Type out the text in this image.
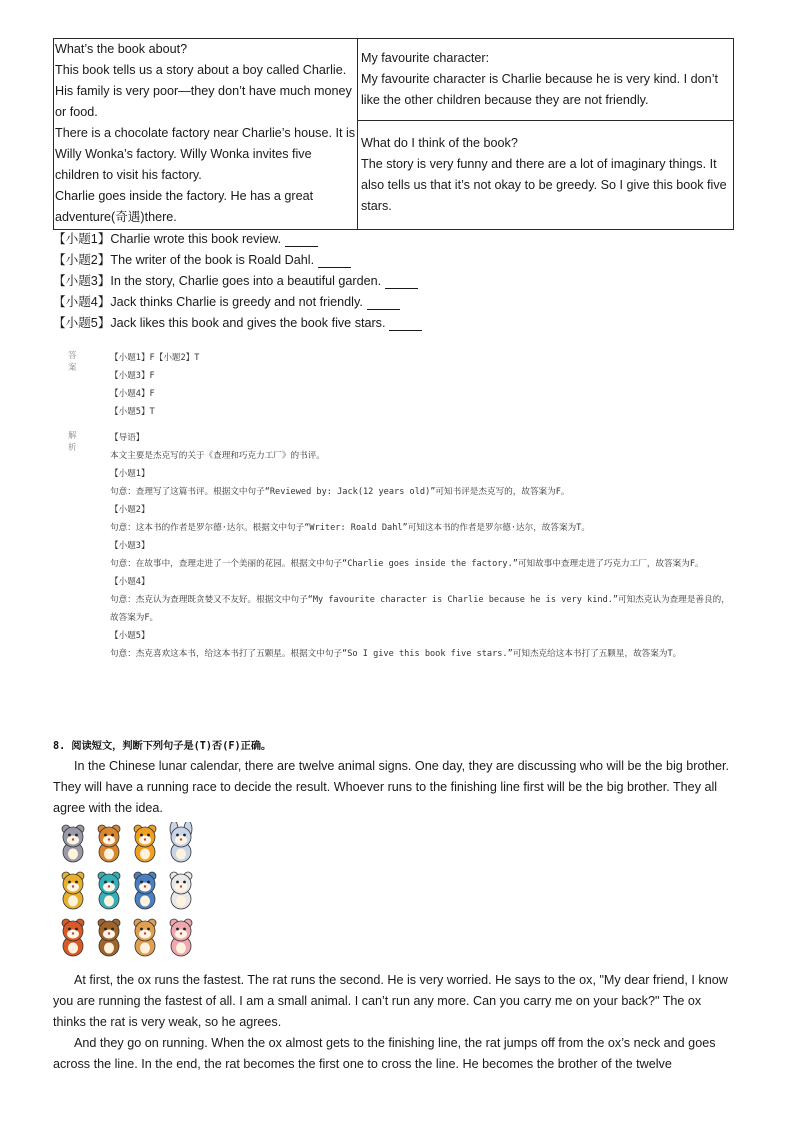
What’s the book about?

This book tells us a story about a boy called Charlie. His family is very poor—they don’t have much money or food.

There is a chocolate factory near Charlie’s house. It is Willy Wonka’s factory. Willy Wonka invites five children to visit his factory.

Charlie goes inside the factory. He has a great adventure(奇遇)there.

My favourite character:

My favourite character is Charlie because he is very kind. I don’t like the other children because they are not friendly.

What do I think of the book?

The story is very funny and there are a lot of imaginary things. It also tells us that it’s not okay to be greedy. So I give this book five stars.

【小题1】Charlie wrote this book review.
【小题2】The writer of the book is Roald Dahl.
【小题3】In the story, Charlie goes into a beautiful garden.
【小题4】Jack thinks Charlie is greedy and not friendly.
【小题5】Jack likes this book and gives the book five stars.
答案
【小题1】F【小题2】T
【小题3】F
【小题4】F
【小题5】T
解析

【导语】

本文主要是杰克写的关于《查理和巧克力工厂》的书评。

【小题1】

句意：查理写了这篇书评。根据文中句子“Reviewed by: Jack(12 years old)”可知书评是杰克写的，故答案为F。

【小题2】

句意：这本书的作者是罗尔德·达尔。根据文中句子“Writer: Roald Dahl”可知这本书的作者是罗尔德·达尔，故答案为T。

【小题3】

句意：在故事中，查理走进了一个美丽的花园。根据文中句子“Charlie goes inside the factory.”可知故事中查理走进了巧克力工厂，故答案为F。

【小题4】

句意：杰克认为查理既贪婪又不友好。根据文中句子“My favourite character is Charlie because he is very kind.”可知杰克认为查理是善良的，故答案为F。

【小题5】

句意：杰克喜欢这本书，给这本书打了五颗星。根据文中句子“So I give this book five stars.”可知杰克给这本书打了五颗星，故答案为T。

8. 阅读短文，判断下列句子是(T)否(F)正确。

In the Chinese lunar calendar, there are twelve animal signs. One day, they are discussing who will be the big brother. They will have a running race to decide the result. Whoever runs to the finishing line first will be the big brother. They all agree with the idea.

At first, the ox runs the fastest. The rat runs the second. He is very worried. He says to the ox, "My dear friend, I know you are running the fastest of all. I am a small animal. I can’t run any more. Can you carry me on your back?" The ox thinks the rat is very weak, so he agrees.

And they go on running. When the ox almost gets to the finishing line, the rat jumps off from the ox’s neck and goes across the line. In the end, the rat becomes the first one to cross the line. He becomes the brother of the twelve
